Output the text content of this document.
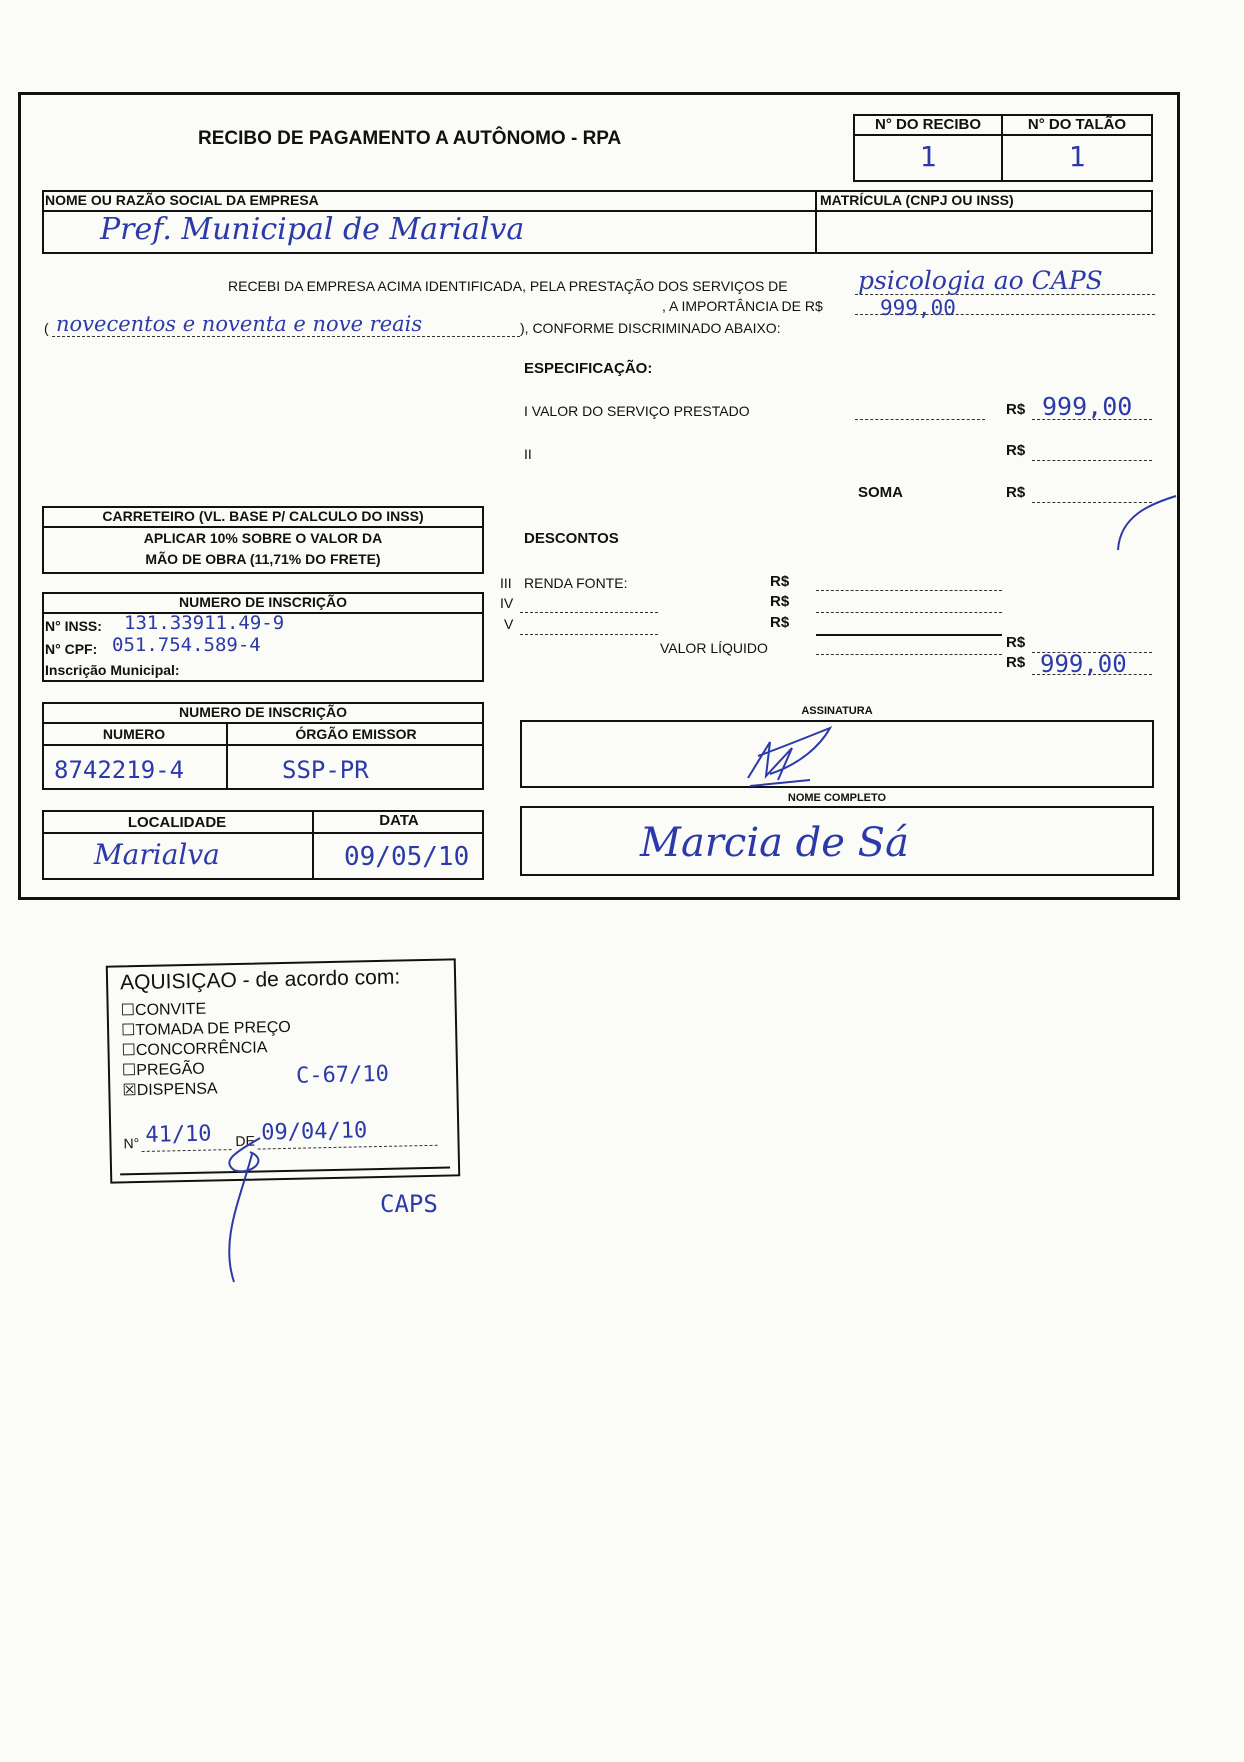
RECIBO DE PAGAMENTO A AUTÔNOMO - RPA
N° DO RECIBO	N° DO TALÃO
1	1
NOME OU RAZÃO SOCIAL DA EMPRESA	MATRÍCULA (CNPJ OU INSS)
Pref. Municipal de Marialva
RECEBI DA EMPRESA ACIMA IDENTIFICADA, PELA PRESTAÇÃO DOS SERVIÇOS DE	psicologia ao CAPS
, A IMPORTÂNCIA DE R$	999,00
( novecentos e noventa e nove reais	), CONFORME DISCRIMINADO ABAIXO:
ESPECIFICAÇÃO:
I VALOR DO SERVIÇO PRESTADO	R$ 999,00
II	R$
SOMA	R$
DESCONTOS
III RENDA FONTE:	R$
IV	R$
V	R$
VALOR LÍQUIDO	R$
R$ 999,00
CARRETEIRO (VL. BASE P/ CALCULO DO INSS)
APLICAR 10% SOBRE O VALOR DA
MÃO DE OBRA (11,71% DO FRETE)
NUMERO DE INSCRIÇÃO
N° INSS: 131.33911.49-9
N° CPF: 051.754.589-4
Inscrição Municipal:
NUMERO DE INSCRIÇÃO
NUMERO	ÓRGÃO EMISSOR
8742219-4	SSP-PR
LOCALIDADE	DATA
Marialva	09/05/10
ASSINATURA
NOME COMPLETO
Marcia de Sá
AQUISIÇAO - de acordo com:
☐CONVITE
☐TOMADA DE PREÇO
☐CONCORRÊNCIA
☐PREGÃO
☒DISPENSA
C-67/10
N° 41/10 DE 09/04/10
CAPS
